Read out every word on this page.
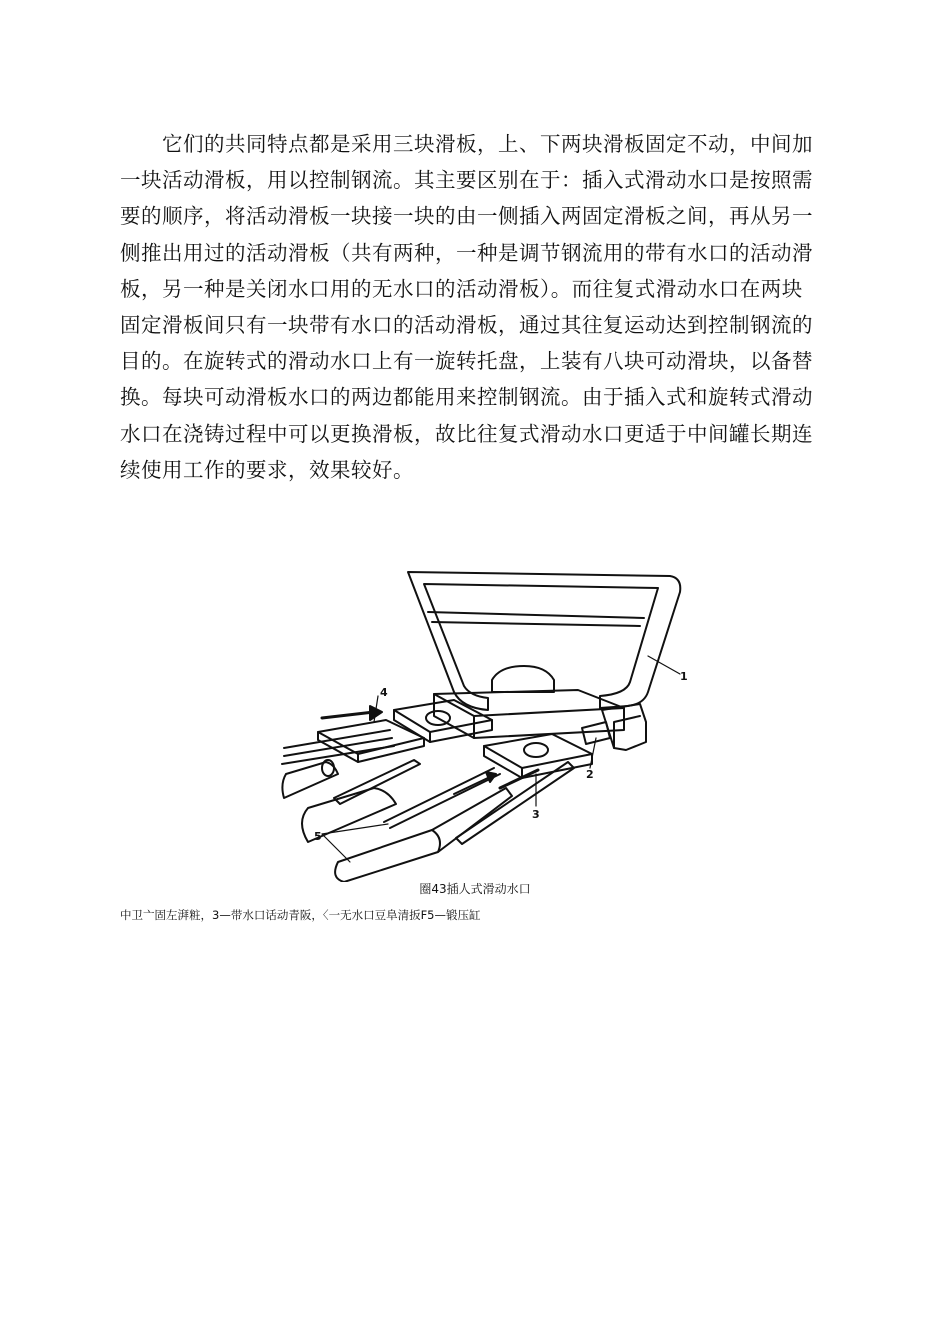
它们的共同特点都是采用三块滑板，上、下两块滑板固定不动，中间加
一块活动滑板，用以控制钢流。其主要区别在于：插入式滑动水口是按照需
要的顺序，将活动滑板一块接一块的由一侧插入两固定滑板之间，再从另一
侧推出用过的活动滑板（共有两种，一种是调节钢流用的带有水口的活动滑
板，另一种是关闭水口用的无水口的活动滑板）。而往复式滑动水口在两块
固定滑板间只有一块带有水口的活动滑板，通过其往复运动达到控制钢流的
目的。在旋转式的滑动水口上有一旋转托盘，上装有八块可动滑块，以备替
换。每块可动滑板水口的两边都能用来控制钢流。由于插入式和旋转式滑动
水口在浇铸过程中可以更换滑板，故比往复式滑动水口更适于中间罐长期连
续使用工作的要求，效果较好。

1
2
3
4
5
圈43插人式滑动水口
中卫亠固左湃粧，3—带水口话动青阪，〈一无水口豆阜清扳F5—锻压缸
